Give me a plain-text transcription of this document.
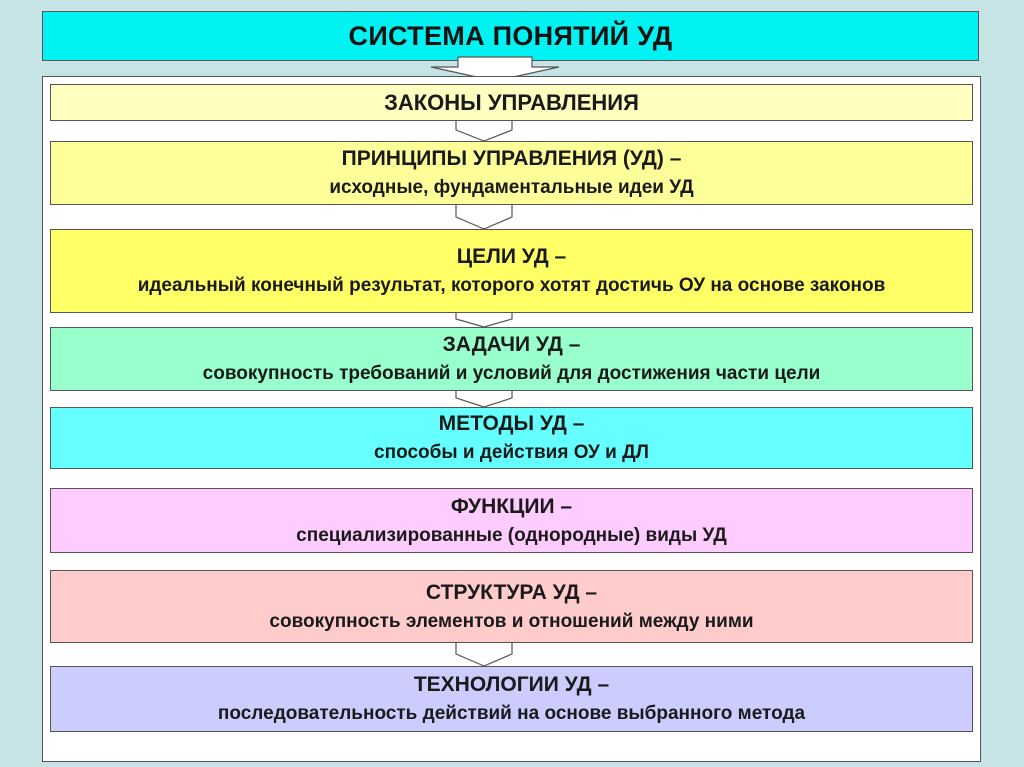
СИСТЕМА ПОНЯТИЙ УД
ЗАКОНЫ УПРАВЛЕНИЯ
ПРИНЦИПЫ УПРАВЛЕНИЯ (УД) –
исходные, фундаментальные идеи УД
ЦЕЛИ УД –
идеальный конечный результат, которого хотят достичь ОУ на основе законов
ЗАДАЧИ УД –
совокупность требований и условий для достижения части цели
МЕТОДЫ УД –
способы и действия ОУ и ДЛ
ФУНКЦИИ –
специализированные (однородные) виды УД
СТРУКТУРА УД –
совокупность элементов и отношений между ними
ТЕХНОЛОГИИ УД –
последовательность действий на основе выбранного метода
